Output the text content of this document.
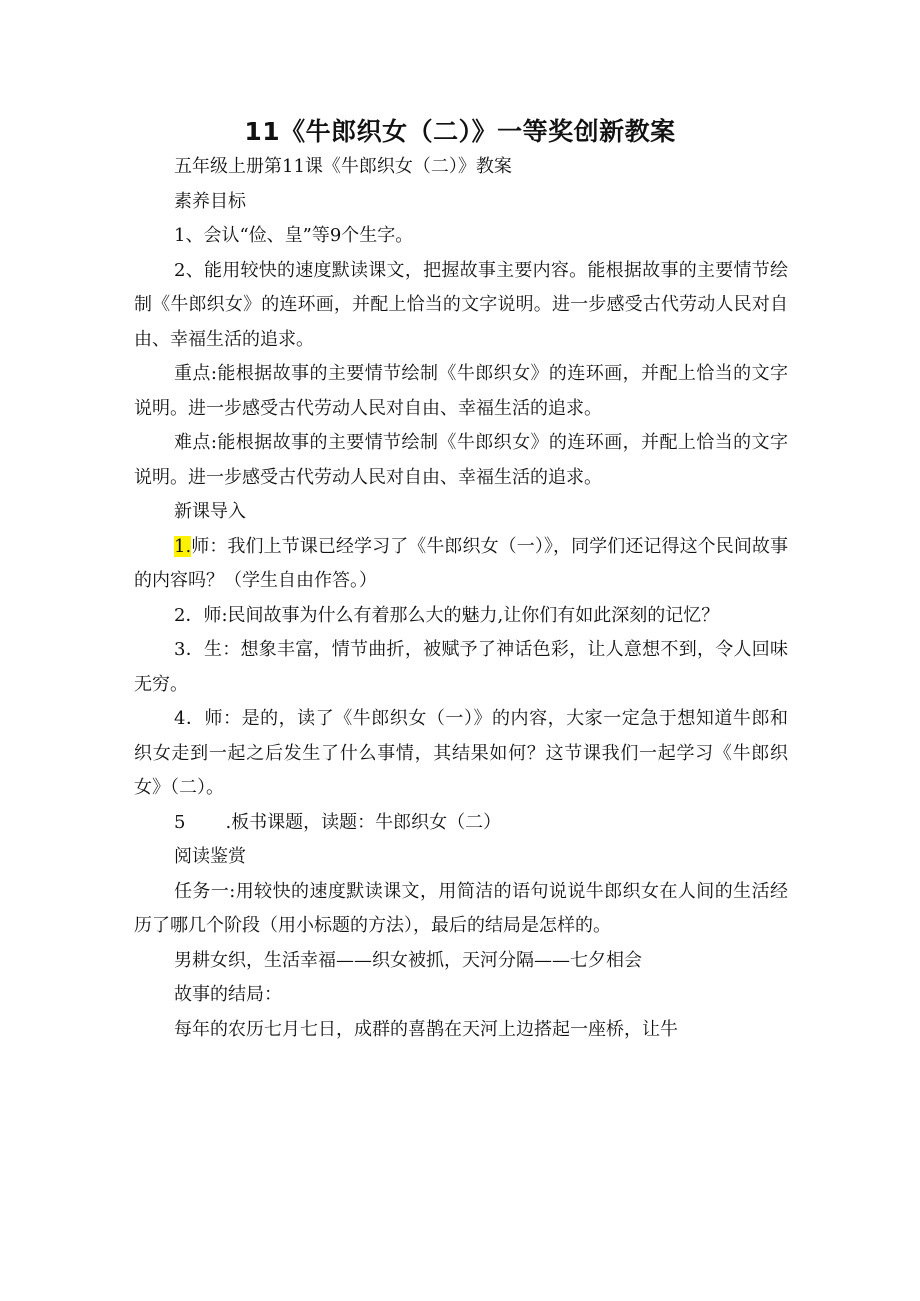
11《牛郎织女（二）》一等奖创新教案

五年级上册第11课《牛郎织女（二）》教案

素养目标

1、会认“俭、皇”等9个生字。

2、能用较快的速度默读课文，把握故事主要内容。能根据故事的主要情节绘制《牛郎织女》的连环画，并配上恰当的文字说明。进一步感受古代劳动人民对自由、幸福生活的追求。

重点:能根据故事的主要情节绘制《牛郎织女》的连环画，并配上恰当的文字说明。进一步感受古代劳动人民对自由、幸福生活的追求。

难点:能根据故事的主要情节绘制《牛郎织女》的连环画，并配上恰当的文字说明。进一步感受古代劳动人民对自由、幸福生活的追求。

新课导入

1.师：我们上节课已经学习了《牛郎织女（一）》，同学们还记得这个民间故事的内容吗？（学生自由作答。）

2．师:民间故事为什么有着那么大的魅力,让你们有如此深刻的记忆？

3．生：想象丰富，情节曲折，被赋予了神话色彩，让人意想不到，令人回味无穷。

4．师：是的，读了《牛郎织女（一）》的内容，大家一定急于想知道牛郎和织女走到一起之后发生了什么事情，其结果如何？这节课我们一起学习《牛郎织女》（二）。

5 .板书课题，读题：牛郎织女（二）

阅读鉴赏

任务一:用较快的速度默读课文，用简洁的语句说说牛郎织女在人间的生活经历了哪几个阶段（用小标题的方法），最后的结局是怎样的。

男耕女织，生活幸福——织女被抓，天河分隔——七夕相会

故事的结局：

每年的农历七月七日，成群的喜鹊在天河上边搭起一座桥，让牛
